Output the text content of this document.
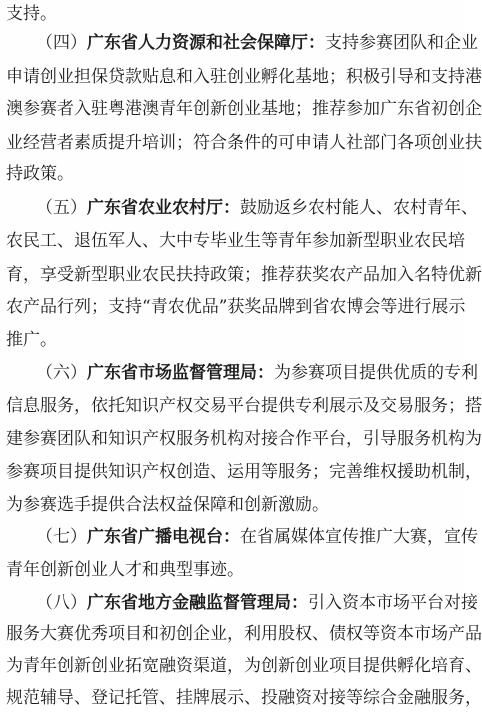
支持。
（四）广东省人力资源和社会保障厅：支持参赛团队和企业
申请创业担保贷款贴息和入驻创业孵化基地；积极引导和支持港
澳参赛者入驻粤港澳青年创新创业基地；推荐参加广东省初创企
业经营者素质提升培训；符合条件的可申请人社部门各项创业扶
持政策。
（五）广东省农业农村厅：鼓励返乡农村能人、农村青年、
农民工、退伍军人、大中专毕业生等青年参加新型职业农民培
育，享受新型职业农民扶持政策；推荐获奖农产品加入名特优新
农产品行列；支持“青农优品”获奖品牌到省农博会等进行展示
推广。
（六）广东省市场监督管理局：为参赛项目提供优质的专利
信息服务，依托知识产权交易平台提供专利展示及交易服务；搭
建参赛团队和知识产权服务机构对接合作平台，引导服务机构为
参赛项目提供知识产权创造、运用等服务；完善维权援助机制，
为参赛选手提供合法权益保障和创新激励。
（七）广东省广播电视台：在省属媒体宣传推广大赛，宣传
青年创新创业人才和典型事迹。
（八）广东省地方金融监督管理局：引入资本市场平台对接
服务大赛优秀项目和初创企业，利用股权、债权等资本市场产品
为青年创新创业拓宽融资渠道，为创新创业项目提供孵化培育、
规范辅导、登记托管、挂牌展示、投融资对接等综合金融服务，
